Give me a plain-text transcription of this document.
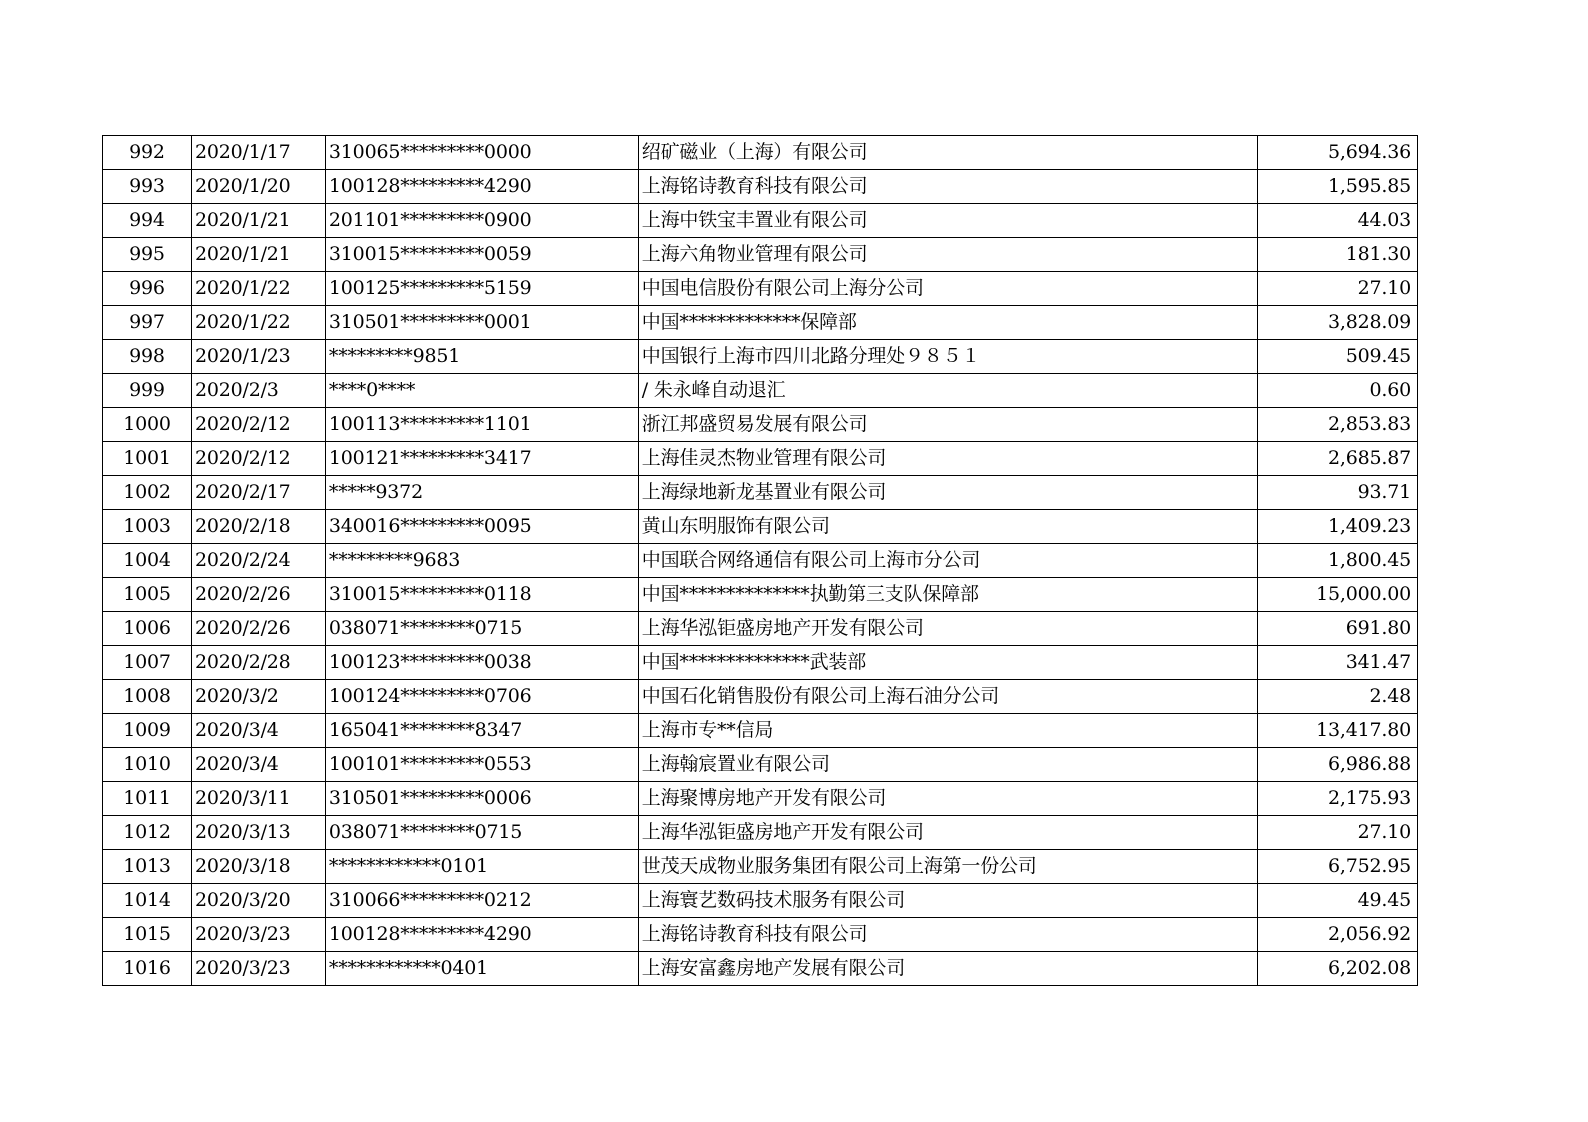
992	2020/1/17	310065*********0000	绍矿磁业（上海）有限公司	5,694.36
993	2020/1/20	100128*********4290	上海铭诗教育科技有限公司	1,595.85
994	2020/1/21	201101*********0900	上海中铁宝丰置业有限公司	44.03
995	2020/1/21	310015*********0059	上海六角物业管理有限公司	181.30
996	2020/1/22	100125*********5159	中国电信股份有限公司上海分公司	27.10
997	2020/1/22	310501*********0001	中国*************保障部	3,828.09
998	2020/1/23	*********9851	中国银行上海市四川北路分理处９８５１	509.45
999	2020/2/3	****0****	/ 朱永峰自动退汇	0.60
1000	2020/2/12	100113*********1101	浙江邦盛贸易发展有限公司	2,853.83
1001	2020/2/12	100121*********3417	上海佳灵杰物业管理有限公司	2,685.87
1002	2020/2/17	*****9372	上海绿地新龙基置业有限公司	93.71
1003	2020/2/18	340016*********0095	黄山东明服饰有限公司	1,409.23
1004	2020/2/24	*********9683	中国联合网络通信有限公司上海市分公司	1,800.45
1005	2020/2/26	310015*********0118	中国**************执勤第三支队保障部	15,000.00
1006	2020/2/26	038071********0715	上海华泓钜盛房地产开发有限公司	691.80
1007	2020/2/28	100123*********0038	中国**************武装部	341.47
1008	2020/3/2	100124*********0706	中国石化销售股份有限公司上海石油分公司	2.48
1009	2020/3/4	165041********8347	上海市专**信局	13,417.80
1010	2020/3/4	100101*********0553	上海翰宸置业有限公司	6,986.88
1011	2020/3/11	310501*********0006	上海聚博房地产开发有限公司	2,175.93
1012	2020/3/13	038071********0715	上海华泓钜盛房地产开发有限公司	27.10
1013	2020/3/18	************0101	世茂天成物业服务集团有限公司上海第一份公司	6,752.95
1014	2020/3/20	310066*********0212	上海寰艺数码技术服务有限公司	49.45
1015	2020/3/23	100128*********4290	上海铭诗教育科技有限公司	2,056.92
1016	2020/3/23	************0401	上海安富鑫房地产发展有限公司	6,202.08
